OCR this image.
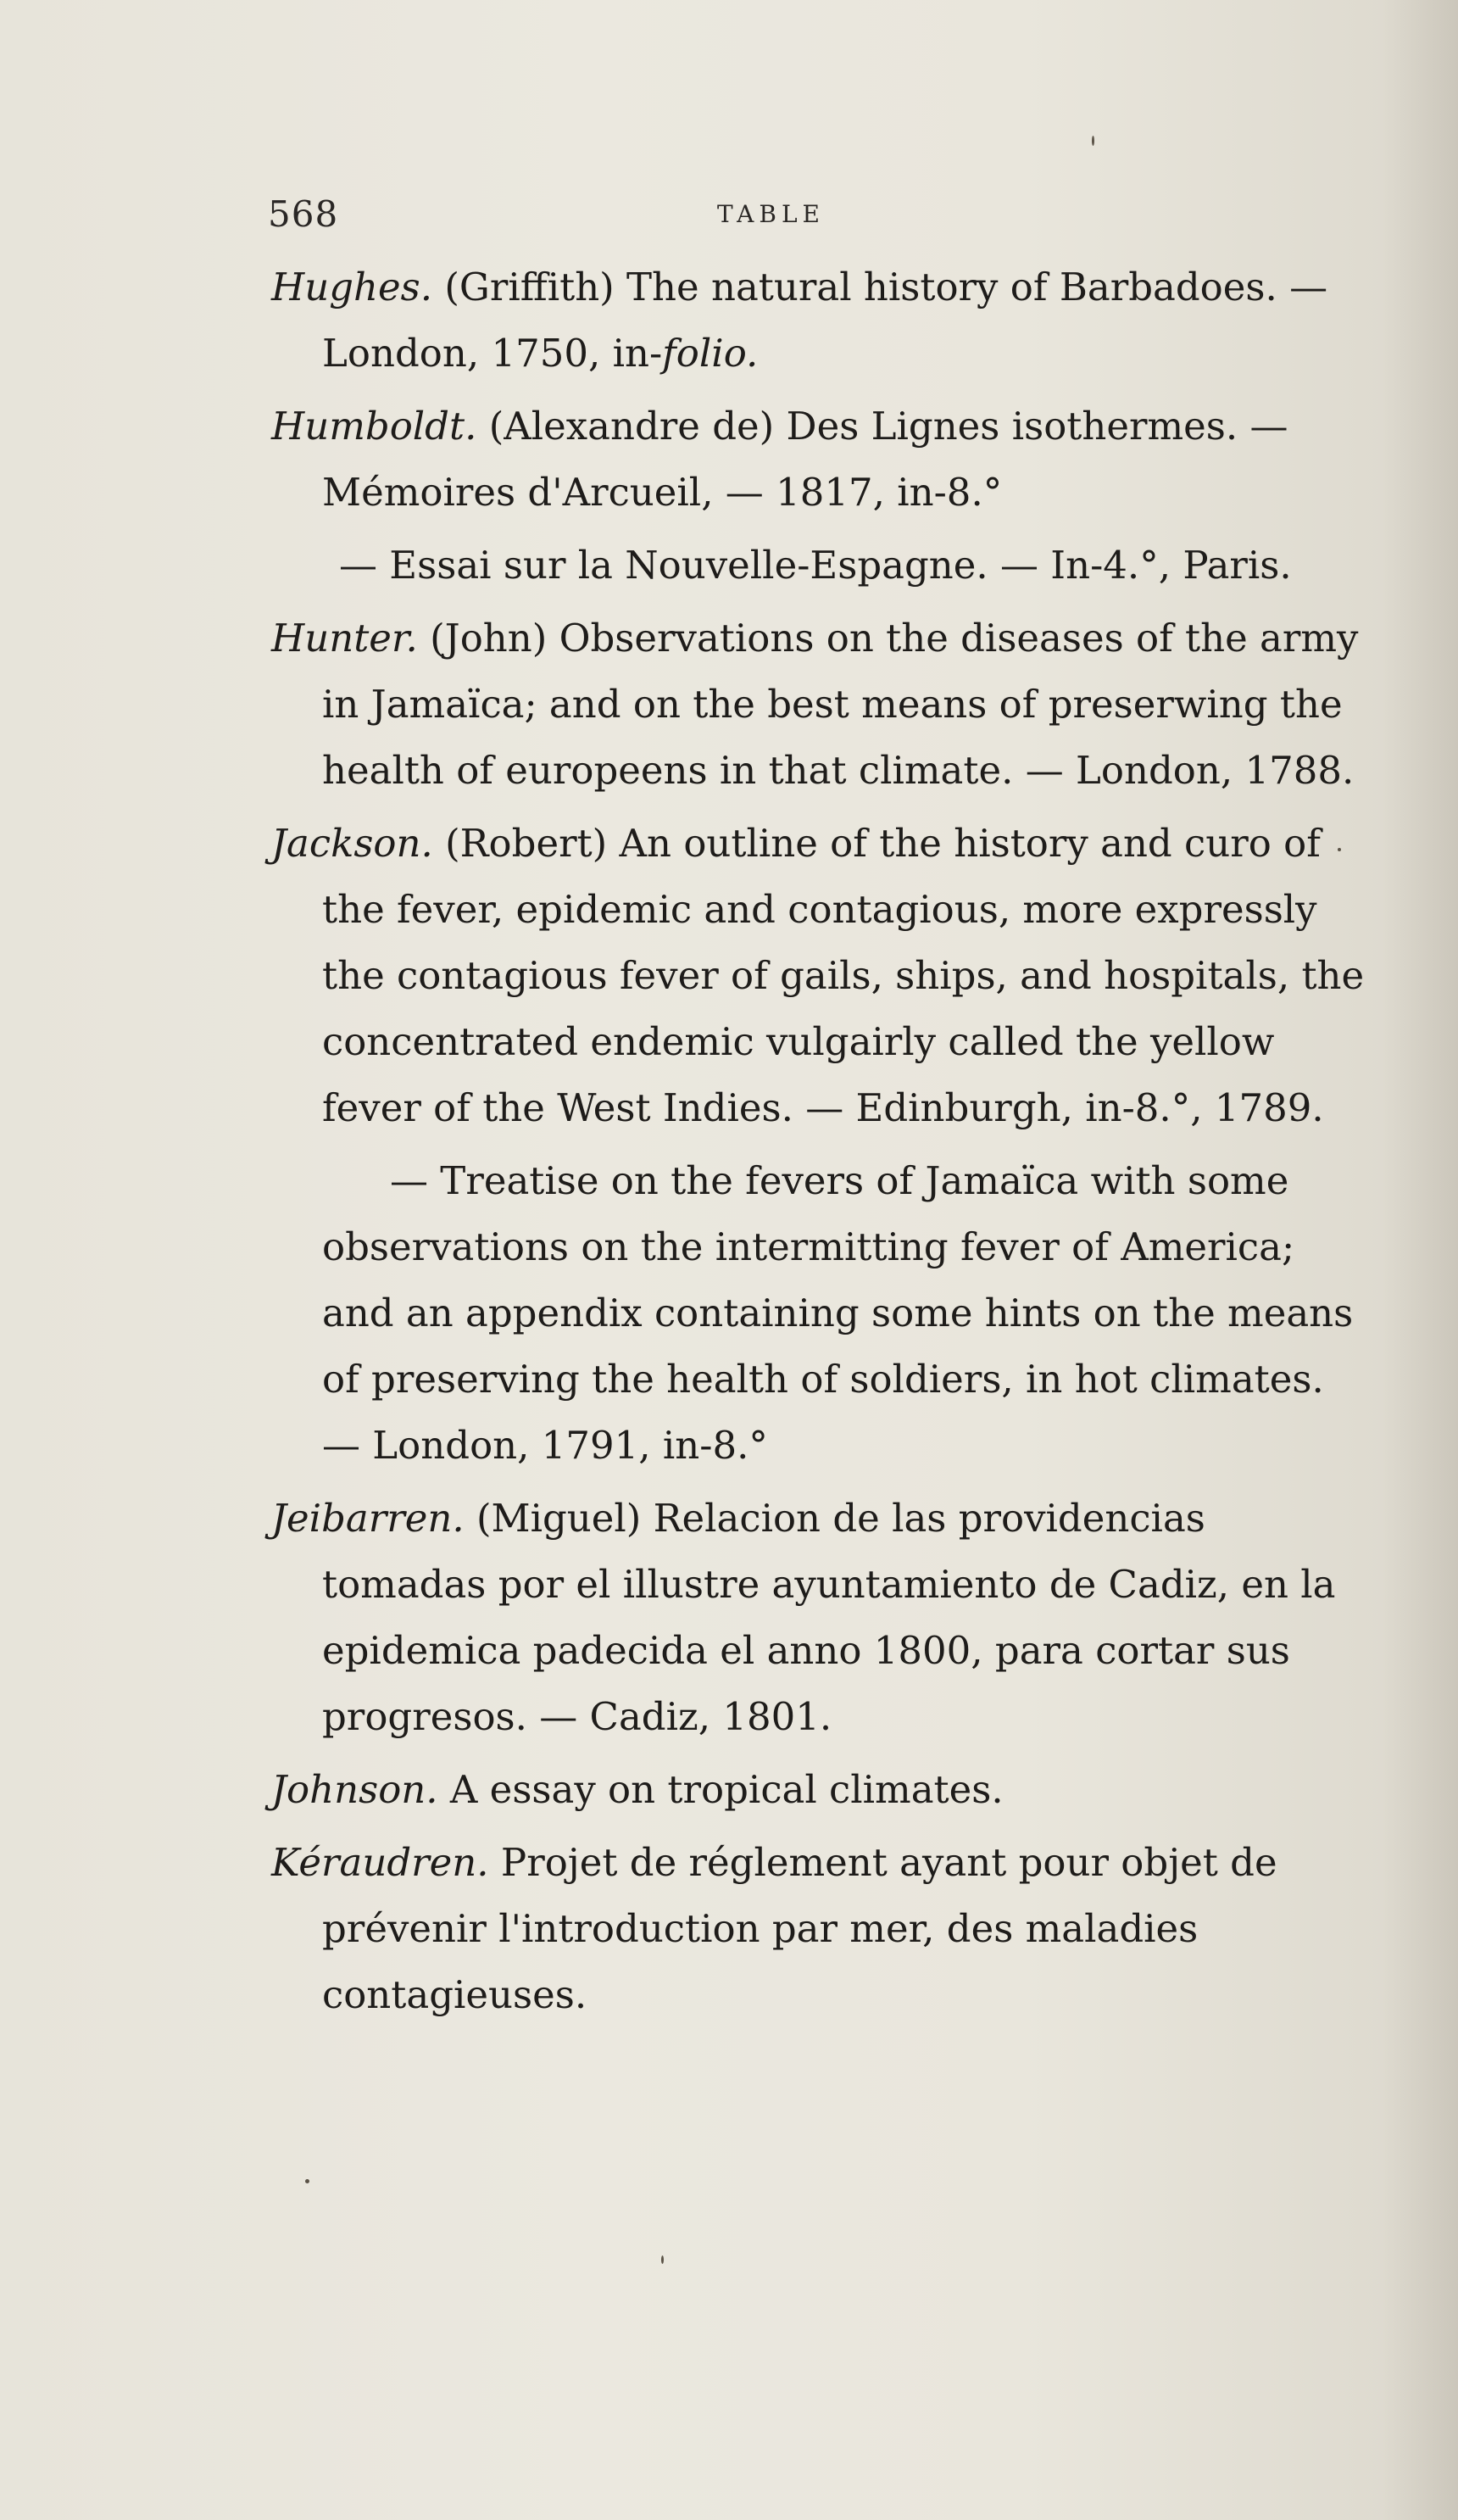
568	TABLE
Hughes. (Griffith) The natural history of Barbadoes. — London, 1750, in-folio.
Humboldt. (Alexandre de) Des Lignes isothermes. — Mémoires d'Arcueil, — 1817, in-8.°
— Essai sur la Nouvelle-Espagne. — In-4.°, Paris.
Hunter. (John) Observations on the diseases of the army in Jamaïca; and on the best means of preserwing the health of europeens in that climate. — London, 1788.
Jackson. (Robert) An outline of the history and curo of the fever, epidemic and contagious, more expressly the contagious fever of gails, ships, and hospitals, the concentrated endemic vulgairly called the yellow fever of the West Indies. — Edinburgh, in-8.°, 1789.
— Treatise on the fevers of Jamaïca with some observations on the intermitting fever of America; and an appendix containing some hints on the means of preserving the health of soldiers, in hot climates. — London, 1791, in-8.°
Jeibarren. (Miguel) Relacion de las providencias tomadas por el illustre ayuntamiento de Cadiz, en la epidemica padecida el anno 1800, para cortar sus progresos. — Cadiz, 1801.
Johnson. A essay on tropical climates.
Kéraudren. Projet de réglement ayant pour objet de prévenir l'introduction par mer, des maladies contagieuses.
